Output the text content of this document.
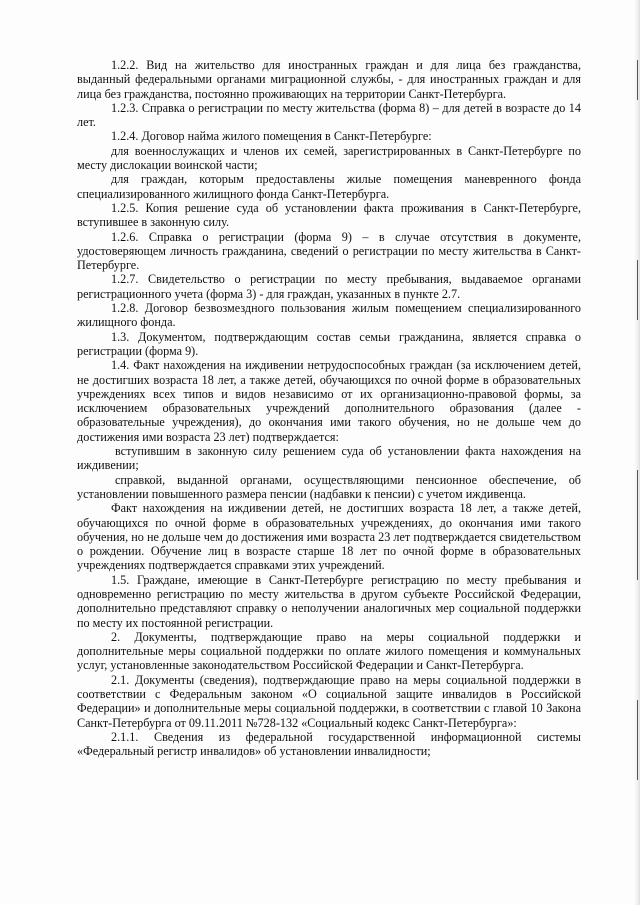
1.2.2. Вид на жительство для иностранных граждан и для лица без гражданства, выданный федеральными органами миграционной службы, - для иностранных граждан и для лица без гражданства, постоянно проживающих на территории Санкт-Петербурга.

1.2.3. Справка о регистрации по месту жительства (форма 8) – для детей в возрасте до 14 лет.

1.2.4. Договор найма жилого помещения в Санкт-Петербурге:

для военнослужащих и членов их семей, зарегистрированных в Санкт-Петербурге по месту дислокации воинской части;

для граждан, которым предоставлены жилые помещения маневренного фонда специализированного жилищного фонда Санкт-Петербурга.

1.2.5. Копия решение суда об установлении факта проживания в Санкт-Петербурге, вступившее в законную силу.

1.2.6. Справка о регистрации (форма 9) – в случае отсутствия в документе, удостоверяющем личность гражданина, сведений о регистрации по месту жительства в Санкт-Петербурге.

1.2.7. Свидетельство о регистрации по месту пребывания, выдаваемое органами регистрационного учета (форма 3) - для граждан, указанных в пункте 2.7.

1.2.8. Договор безвозмездного пользования жилым помещением специализированного жилищного фонда.

1.3. Документом, подтверждающим состав семьи гражданина, является справка о регистрации (форма 9).

1.4. Факт нахождения на иждивении нетрудоспособных граждан (за исключением детей, не достигших возраста 18 лет, а также детей, обучающихся по очной форме в образовательных учреждениях всех типов и видов независимо от их организационно-правовой формы, за исключением образовательных учреждений дополнительного образования (далее - образовательные учреждения), до окончания ими такого обучения, но не дольше чем до достижения ими возраста 23 лет) подтверждается:

вступившим в законную силу решением суда об установлении факта нахождения на иждивении;

справкой, выданной органами, осуществляющими пенсионное обеспечение, об установлении повышенного размера пенсии (надбавки к пенсии) с учетом иждивенца.

Факт нахождения на иждивении детей, не достигших возраста 18 лет, а также детей, обучающихся по очной форме в образовательных учреждениях, до окончания ими такого обучения, но не дольше чем до достижения ими возраста 23 лет подтверждается свидетельством о рождении. Обучение лиц в возрасте старше 18 лет по очной форме в образовательных учреждениях подтверждается справками этих учреждений.

1.5. Граждане, имеющие в Санкт-Петербурге регистрацию по месту пребывания и одновременно регистрацию по месту жительства в другом субъекте Российской Федерации, дополнительно представляют справку о неполучении аналогичных мер социальной поддержки по месту их постоянной регистрации.

2. Документы, подтверждающие право на меры социальной поддержки и дополнительные меры социальной поддержки по оплате жилого помещения и коммунальных услуг, установленные законодательством Российской Федерации и Санкт-Петербурга.

2.1. Документы (сведения), подтверждающие право на меры социальной поддержки в соответствии с Федеральным законом «О социальной защите инвалидов в Российской Федерации» и дополнительные меры социальной поддержки, в соответствии с главой 10 Закона Санкт-Петербурга от 09.11.2011 №728-132 «Социальный кодекс Санкт-Петербурга»:

2.1.1. Сведения из федеральной государственной информационной системы «Федеральный регистр инвалидов» об установлении инвалидности;
